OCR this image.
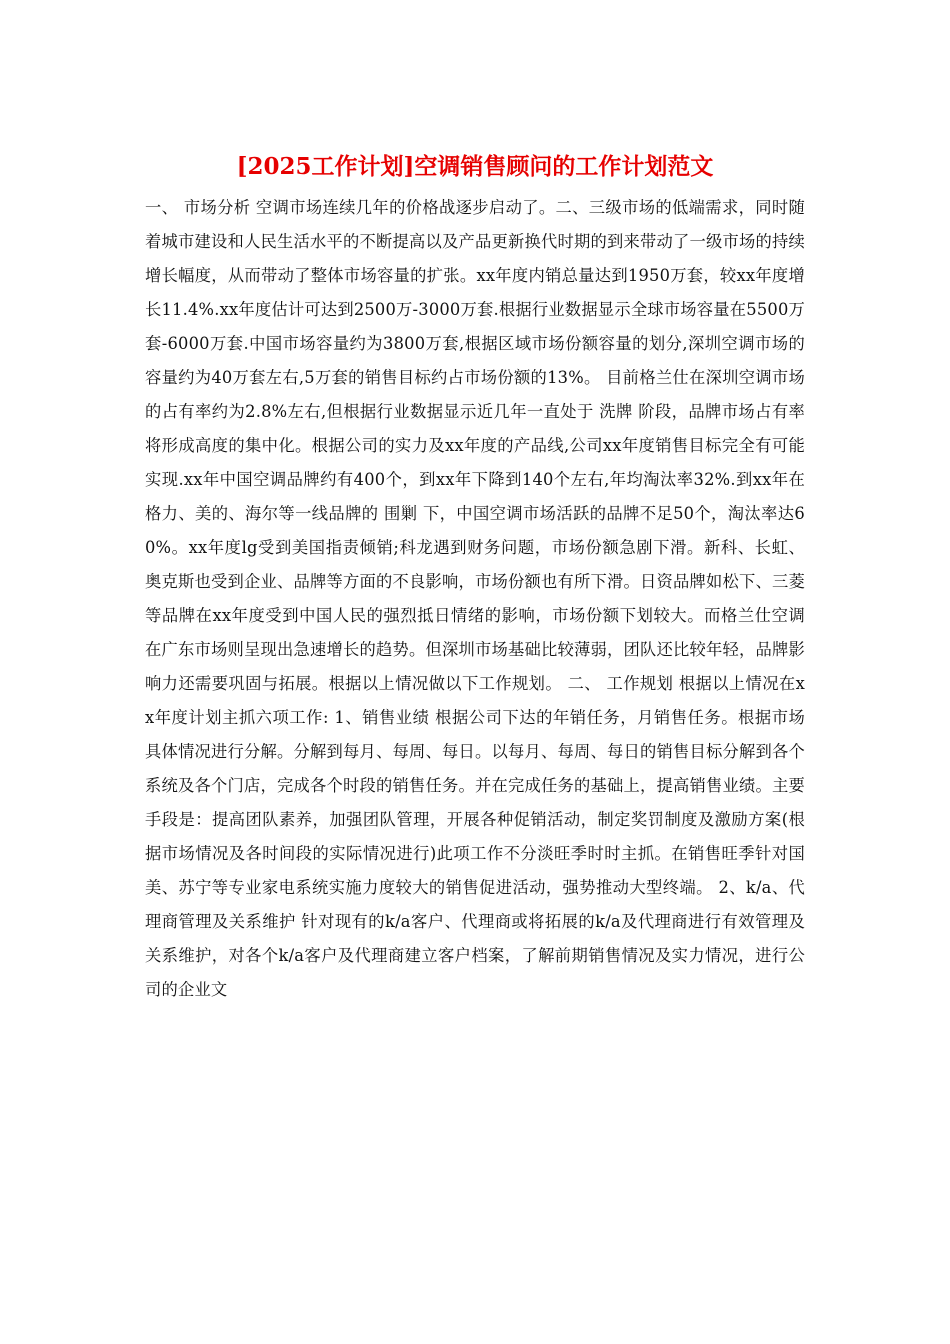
[2025工作计划]空调销售顾问的工作计划范文

一、 市场分析 空调市场连续几年的价格战逐步启动了。二、三级市场的低端需求，同时随着城市建设和人民生活水平的不断提高以及产品更新换代时期的到来带动了一级市场的持续增长幅度，从而带动了整体市场容量的扩张。xx年度内销总量达到1950万套，较xx年度增长11.4%.xx年度估计可达到2500万-3000万套.根据行业数据显示全球市场容量在5500万套-6000万套.中国市场容量约为3800万套,根据区域市场份额容量的划分,深圳空调市场的容量约为40万套左右,5万套的销售目标约占市场份额的13%。 目前格兰仕在深圳空调市场的占有率约为2.8%左右,但根据行业数据显示近几年一直处于 洗牌 阶段，品牌市场占有率将形成高度的集中化。根据公司的实力及xx年度的产品线,公司xx年度销售目标完全有可能实现.xx年中国空调品牌约有400个，到xx年下降到140个左右,年均淘汰率32%.到xx年在格力、美的、海尔等一线品牌的 围剿 下，中国空调市场活跃的品牌不足50个，淘汰率达60%。xx年度lg受到美国指责倾销;科龙遇到财务问题，市场份额急剧下滑。新科、长虹、奥克斯也受到企业、品牌等方面的不良影响，市场份额也有所下滑。日资品牌如松下、三菱等品牌在xx年度受到中国人民的强烈抵日情绪的影响，市场份额下划较大。而格兰仕空调在广东市场则呈现出急速增长的趋势。但深圳市场基础比较薄弱，团队还比较年轻，品牌影响力还需要巩固与拓展。根据以上情况做以下工作规划。 二、 工作规划 根据以上情况在xx年度计划主抓六项工作: 1、销售业绩 根据公司下达的年销任务，月销售任务。根据市场具体情况进行分解。分解到每月、每周、每日。以每月、每周、每日的销售目标分解到各个系统及各个门店，完成各个时段的销售任务。并在完成任务的基础上，提高销售业绩。主要手段是：提高团队素养，加强团队管理，开展各种促销活动，制定奖罚制度及激励方案(根据市场情况及各时间段的实际情况进行)此项工作不分淡旺季时时主抓。在销售旺季针对国美、苏宁等专业家电系统实施力度较大的销售促进活动，强势推动大型终端。 2、k/a、代理商管理及关系维护 针对现有的k/a客户、代理商或将拓展的k/a及代理商进行有效管理及关系维护，对各个k/a客户及代理商建立客户档案，了解前期销售情况及实力情况，进行公司的企业文
